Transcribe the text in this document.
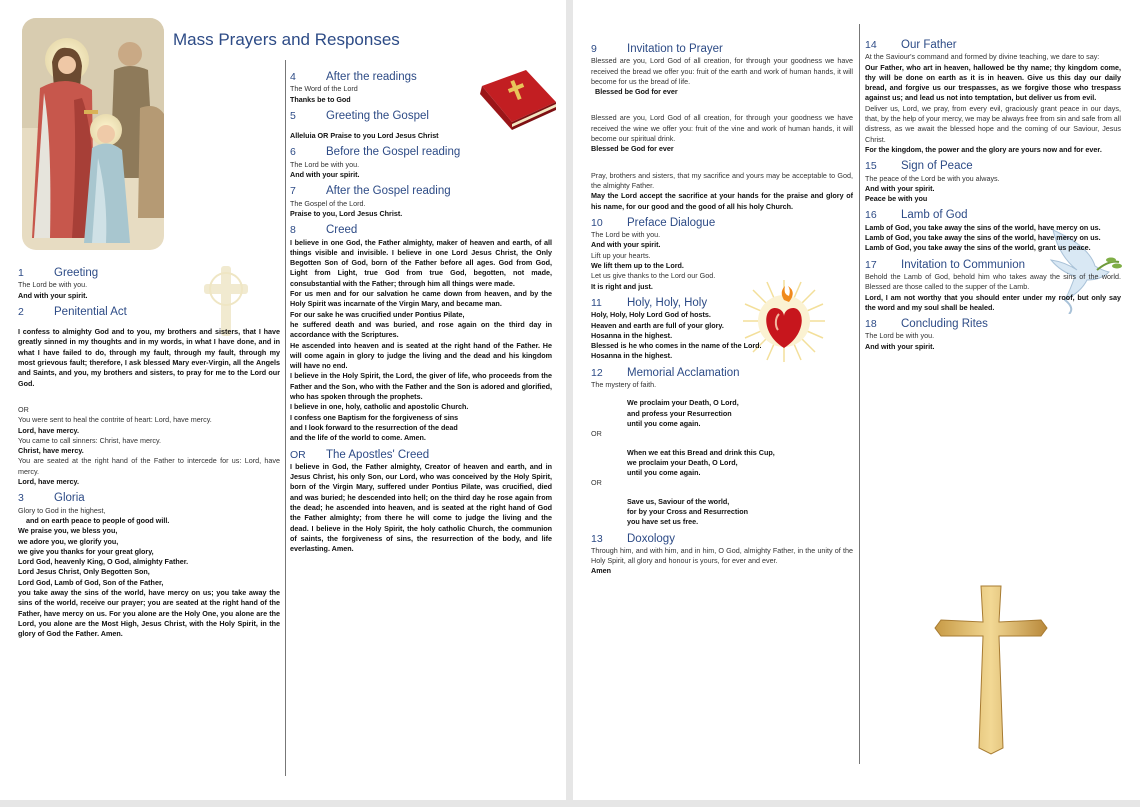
Mass Prayers and Responses
1	Greeting

The Lord be with you.

And with your spirit.

2	Penitential Act

I confess to almighty God and to you, my brothers and sisters, that I have greatly sinned in my thoughts and in my words, in what I have done, and in what I have failed to do, through my fault, through my fault, through my most grievous fault; therefore, I ask blessed Mary ever-Virgin, all the Angels and Saints, and you, my brothers and sisters, to pray for me to the Lord our God.

OR

You were sent to heal the contrite of heart: Lord, have mercy.

Lord, have mercy.

You came to call sinners: Christ, have mercy.

Christ, have mercy.

You are seated at the right hand of the Father to intercede for us: Lord, have mercy.

Lord, have mercy.

3	Gloria

Glory to God in the highest,

and on earth peace to people of good will.

We praise you, we bless you,

we adore you, we glorify you,

we give you thanks for your great glory,

Lord God, heavenly King, O God, almighty Father.

Lord Jesus Christ, Only Begotten Son,

Lord God, Lamb of God, Son of the Father,

you take away the sins of the world, have mercy on us; you take away the sins of the world, receive our prayer; you are seated at the right hand of the Father, have mercy on us. For you alone are the Holy One, you alone are the Lord, you alone are the Most High, Jesus Christ, with the Holy Spirit, in the glory of God the Father. Amen.

4	After the readings

The Word of the Lord

Thanks be to God

5	Greeting the Gospel

Alleluia OR Praise to you Lord Jesus Christ

6	Before the Gospel reading

The Lord be with you.

And with your spirit.

7	After the Gospel reading

The Gospel of the Lord.

Praise to you, Lord Jesus Christ.

8	Creed

I believe in one God, the Father almighty, maker of heaven and earth, of all things visible and invisible. I believe in one Lord Jesus Christ, the Only Begotten Son of God, born of the Father before all ages. God from God, Light from Light, true God from true God, begotten, not made, consubstantial with the Father; through him all things were made.

For us men and for our salvation he came down from heaven, and by the Holy Spirit was incarnate of the Virgin Mary, and became man.

For our sake he was crucified under Pontius Pilate,

he suffered death and was buried, and rose again on the third day in accordance with the Scriptures.

He ascended into heaven and is seated at the right hand of the Father. He will come again in glory to judge the living and the dead and his kingdom will have no end.

I believe in the Holy Spirit, the Lord, the giver of life, who proceeds from the Father and the Son, who with the Father and the Son is adored and glorified, who has spoken through the prophets.

I believe in one, holy, catholic and apostolic Church.

I confess one Baptism for the forgiveness of sins

and I look forward to the resurrection of the dead

and the life of the world to come. Amen.

OR	The Apostles' Creed

I believe in God, the Father almighty, Creator of heaven and earth, and in Jesus Christ, his only Son, our Lord, who was conceived by the Holy Spirit, born of the Virgin Mary, suffered under Pontius Pilate, was crucified, died and was buried; he descended into hell; on the third day he rose again from the dead; he ascended into heaven, and is seated at the right hand of God the Father almighty; from there he will come to judge the living and the dead. I believe in the Holy Spirit, the holy catholic Church, the communion of saints, the forgiveness of sins, the resurrection of the body, and life everlasting. Amen.

9	Invitation to Prayer

Blessed are you, Lord God of all creation, for through your goodness we have received the bread we offer you: fruit of the earth and work of human hands, it will become for us the bread of life.

Blessed be God for ever

Blessed are you, Lord God of all creation, for through your goodness we have received the wine we offer you: fruit of the vine and work of human hands, it will become our spiritual drink.

Blessed be God for ever

Pray, brothers and sisters, that my sacrifice and yours may be acceptable to God, the almighty Father.

May the Lord accept the sacrifice at your hands for the praise and glory of his name, for our good and the good of all his holy Church.

10	Preface Dialogue

The Lord be with you.

And with your spirit.

Lift up your hearts.

We lift them up to the Lord.

Let us give thanks to the Lord our God.

It is right and just.

11	Holy, Holy, Holy

Holy, Holy, Holy Lord God of hosts.

Heaven and earth are full of your glory.

Hosanna in the highest.

Blessed is he who comes in the name of the Lord.

Hosanna in the highest.

12	Memorial Acclamation

The mystery of faith.

We proclaim your Death, O Lord,

and profess your Resurrection

until you come again.

OR

When we eat this Bread and drink this Cup,

we proclaim your Death, O Lord,

until you come again.

OR

Save us, Saviour of the world,

for by your Cross and Resurrection

you have set us free.

13	Doxology

Through him, and with him, and in him, O God, almighty Father, in the unity of the Holy Spirit, all glory and honour is yours, for ever and ever.

Amen

14	Our Father

At the Saviour's command and formed by divine teaching, we dare to say:

Our Father, who art in heaven, hallowed be thy name; thy kingdom come, thy will be done on earth as it is in heaven. Give us this day our daily bread, and forgive us our trespasses, as we forgive those who trespass against us; and lead us not into temptation, but deliver us from evil.

Deliver us, Lord, we pray, from every evil, graciously grant peace in our days, that, by the help of your mercy, we may be always free from sin and safe from all distress, as we await the blessed hope and the coming of our Saviour, Jesus Christ.

For the kingdom, the power and the glory are yours now and for ever.

15	Sign of Peace

The peace of the Lord be with you always.

And with your spirit.

Peace be with you

16	Lamb of God

Lamb of God, you take away the sins of the world, have mercy on us.

Lamb of God, you take away the sins of the world, have mercy on us.

Lamb of God, you take away the sins of the world, grant us peace.

17	Invitation to Communion

Behold the Lamb of God, behold him who takes away the sins of the world. Blessed are those called to the supper of the Lamb.

Lord, I am not worthy that you should enter under my roof, but only say the word and my soul shall be healed.

18	Concluding Rites

The Lord be with you.

And with your spirit.
